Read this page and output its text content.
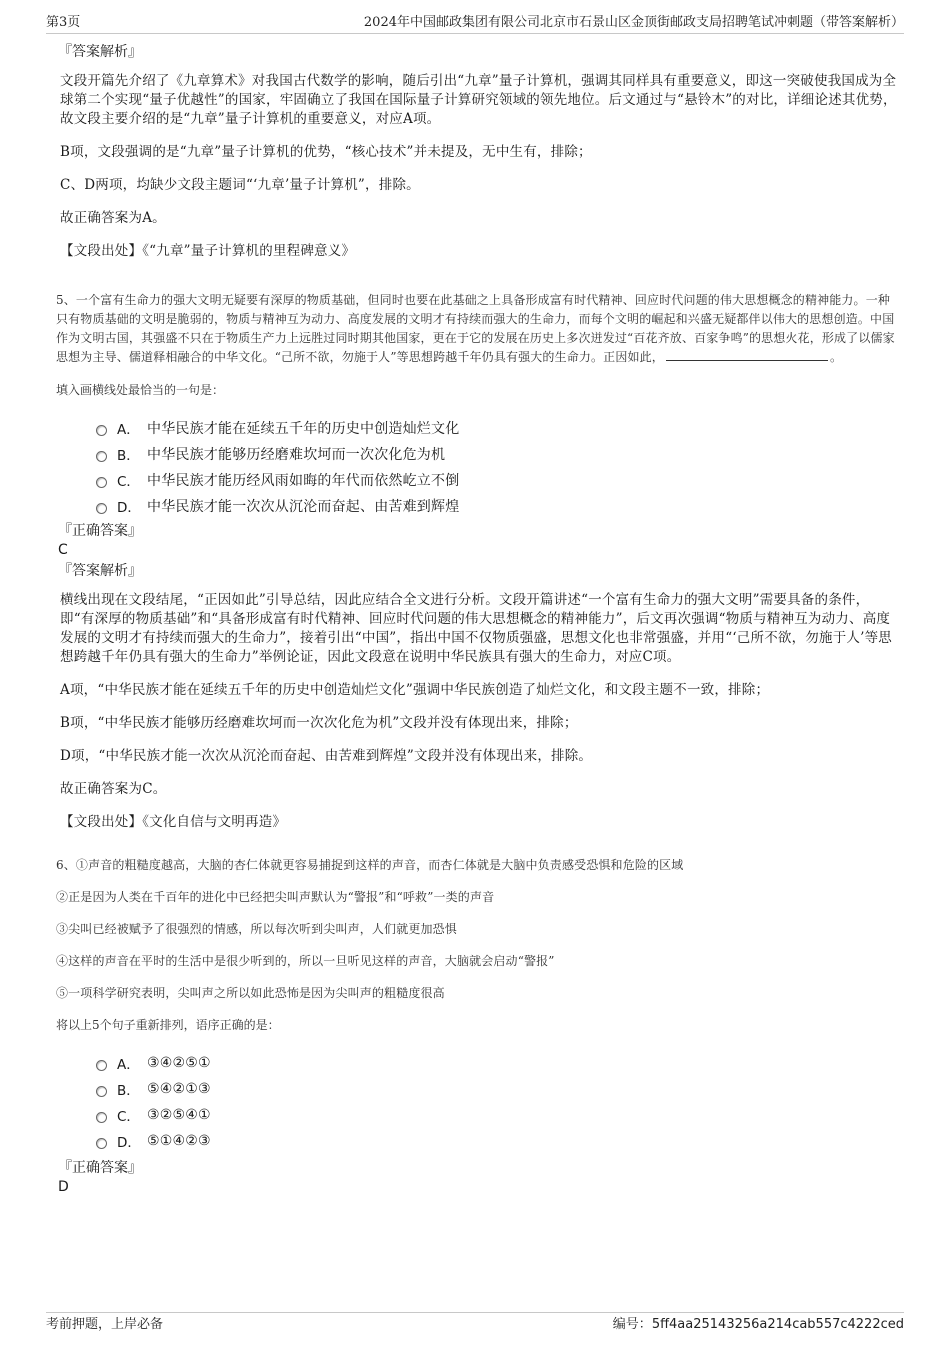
第3页	2024年中国邮政集团有限公司北京市石景山区金顶街邮政支局招聘笔试冲刺题（带答案解析）
『答案解析』

文段开篇先介绍了《九章算术》对我国古代数学的影响，随后引出“九章”量子计算机，强调其同样具有重要意义，即这一突破使我国成为全球第二个实现“量子优越性”的国家，牢固确立了我国在国际量子计算研究领域的领先地位。后文通过与“悬铃木”的对比，详细论述其优势，故文段主要介绍的是“九章”量子计算机的重要意义，对应A项。

B项，文段强调的是“九章”量子计算机的优势，“核心技术”并未提及，无中生有，排除；

C、D两项，均缺少文段主题词“‘九章’量子计算机”，排除。

故正确答案为A。

【文段出处】《“九章”量子计算机的里程碑意义》

5、一个富有生命力的强大文明无疑要有深厚的物质基础，但同时也要在此基础之上具备形成富有时代精神、回应时代问题的伟大思想概念的精神能力。一种只有物质基础的文明是脆弱的，物质与精神互为动力、高度发展的文明才有持续而强大的生命力，而每个文明的崛起和兴盛无疑都伴以伟大的思想创造。中国作为文明古国，其强盛不只在于物质生产力上远胜过同时期其他国家，更在于它的发展在历史上多次迸发过“百花齐放、百家争鸣”的思想火花，形成了以儒家思想为主导、儒道释相融合的中华文化。“己所不欲，勿施于人”等思想跨越千年仍具有强大的生命力。正因如此，	。
填入画横线处最恰当的一句是：
A． 中华民族才能在延续五千年的历史中创造灿烂文化
B． 中华民族才能够历经磨难坎坷而一次次化危为机
C． 中华民族才能历经风雨如晦的年代而依然屹立不倒
D． 中华民族才能一次次从沉沦而奋起、由苦难到辉煌
『正确答案』
C
『答案解析』

横线出现在文段结尾，“正因如此”引导总结，因此应结合全文进行分析。文段开篇讲述“一个富有生命力的强大文明”需要具备的条件，即“有深厚的物质基础”和“具备形成富有时代精神、回应时代问题的伟大思想概念的精神能力”，后文再次强调“物质与精神互为动力、高度发展的文明才有持续而强大的生命力”，接着引出“中国”，指出中国不仅物质强盛，思想文化也非常强盛，并用“‘己所不欲，勿施于人’等思想跨越千年仍具有强大的生命力”举例论证，因此文段意在说明中华民族具有强大的生命力，对应C项。

A项，“中华民族才能在延续五千年的历史中创造灿烂文化”强调中华民族创造了灿烂文化，和文段主题不一致，排除；

B项，“中华民族才能够历经磨难坎坷而一次次化危为机”文段并没有体现出来，排除；

D项，“中华民族才能一次次从沉沦而奋起、由苦难到辉煌”文段并没有体现出来，排除。

故正确答案为C。

【文段出处】《文化自信与文明再造》

6、①声音的粗糙度越高，大脑的杏仁体就更容易捕捉到这样的声音，而杏仁体就是大脑中负责感受恐惧和危险的区域
②正是因为人类在千百年的进化中已经把尖叫声默认为“警报”和“呼救”一类的声音
③尖叫已经被赋予了很强烈的情感，所以每次听到尖叫声，人们就更加恐惧
④这样的声音在平时的生活中是很少听到的，所以一旦听见这样的声音，大脑就会启动“警报”
⑤一项科学研究表明，尖叫声之所以如此恐怖是因为尖叫声的粗糙度很高
将以上5个句子重新排列，语序正确的是：
A． ③④②⑤①
B． ⑤④②①③
C． ③②⑤④①
D． ⑤①④②③
『正确答案』
D
考前押题，上岸必备	编号：5ff4aa25143256a214cab557c4222ced
